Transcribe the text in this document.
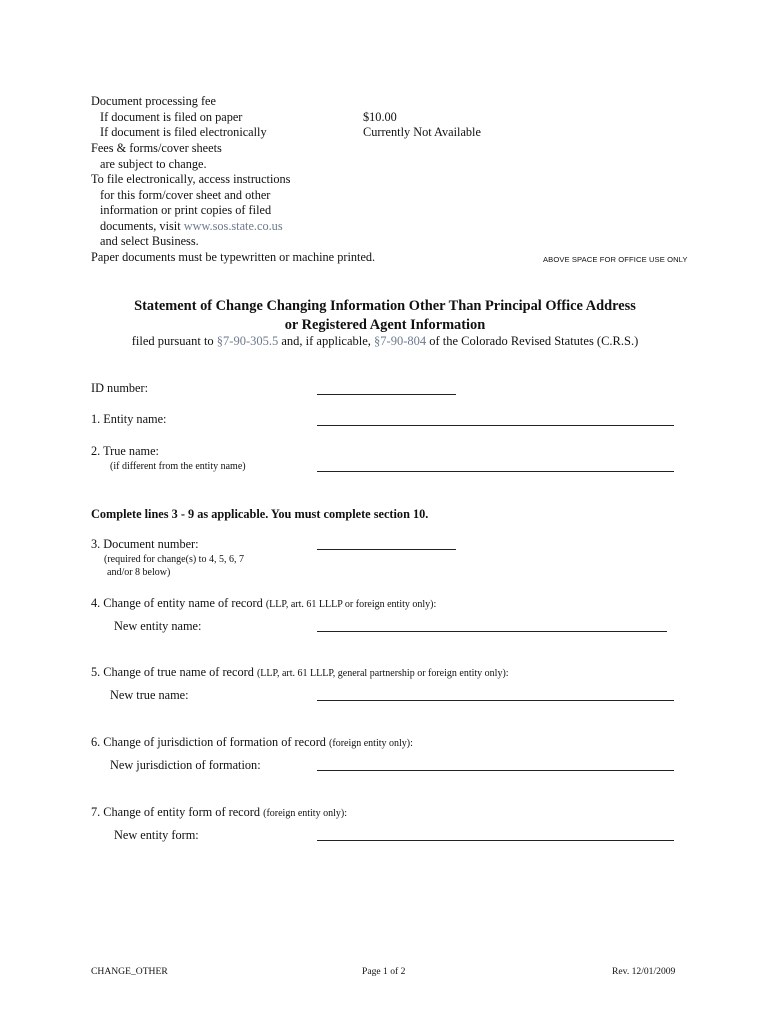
Document processing fee
If document is filed on paper	$10.00
If document is filed electronically	Currently Not Available
Fees & forms/cover sheets
are subject to change.
To file electronically, access instructions
for this form/cover sheet and other
information or print copies of filed
documents, visit www.sos.state.co.us
and select Business.
Paper documents must be typewritten or machine printed.	ABOVE SPACE FOR OFFICE USE ONLY
Statement of Change Changing Information Other Than Principal Office Address
or Registered Agent Information
filed pursuant to §7-90-305.5 and, if applicable, §7-90-804 of the Colorado Revised Statutes (C.R.S.)
ID number:
1. Entity name:
2. True name:
(if different from the entity name)
Complete lines 3 - 9 as applicable. You must complete section 10.
3. Document number:
(required for change(s) to 4, 5, 6, 7
and/or 8 below)
4. Change of entity name of record (LLP, art. 61 LLLP or foreign entity only):
New entity name:
5. Change of true name of record (LLP, art. 61 LLLP, general partnership or foreign entity only):
New true name:
6. Change of jurisdiction of formation of record (foreign entity only):
New jurisdiction of formation:
7. Change of entity form of record (foreign entity only):
New entity form:
CHANGE_OTHER	Page 1 of 2	Rev. 12/01/2009
